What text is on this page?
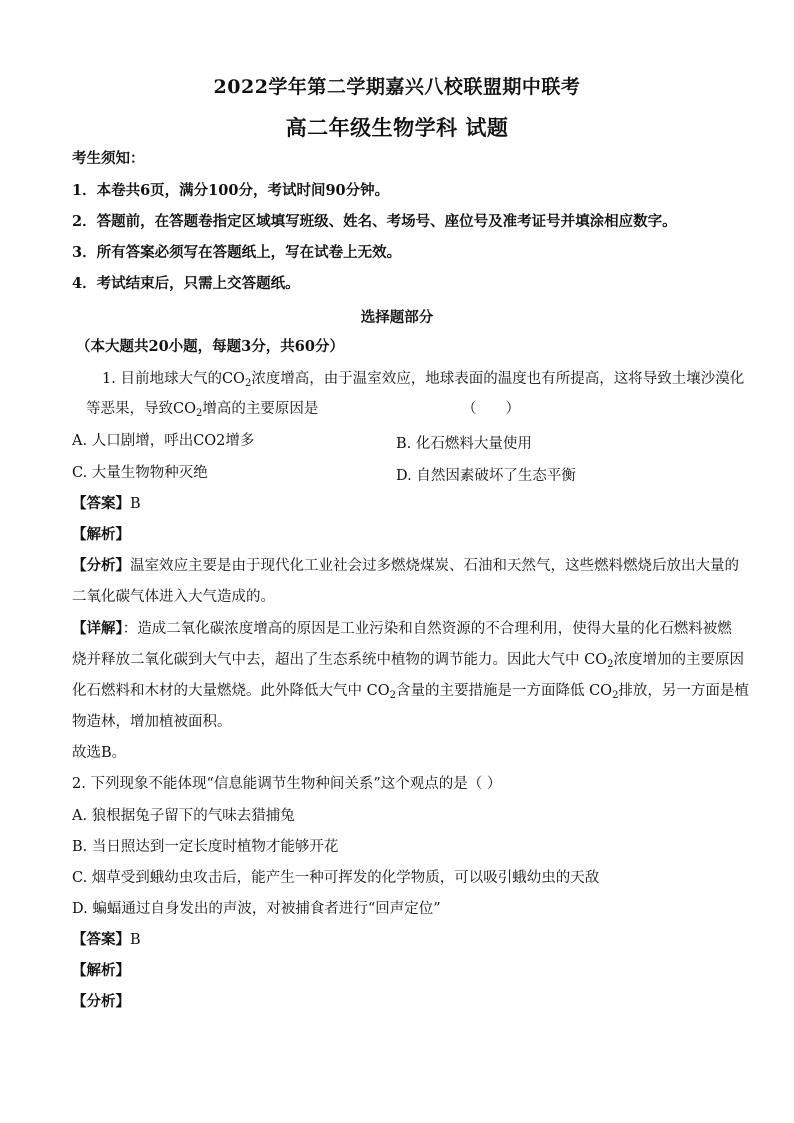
2022学年第二学期嘉兴八校联盟期中联考
高二年级生物学科 试题
考生须知：
1．本卷共6页，满分100分，考试时间90分钟。
2．答题前，在答题卷指定区域填写班级、姓名、考场号、座位号及准考证号并填涂相应数字。
3．所有答案必须写在答题纸上，写在试卷上无效。
4．考试结束后，只需上交答题纸。
选择题部分
（本大题共20小题，每题3分，共60分）
1. 目前地球大气的$CO_2$浓度增高，由于温室效应，地球表面的温度也有所提高，这将导致土壤沙漠化
等恶果，导致$CO_2$增高的主要原因是	（　　）
A. 人口剧增，呼出CO2增多	B. 化石燃料大量使用
C. 大量生物物种灭绝	D. 自然因素破坏了生态平衡
【答案】B
【解析】
【分析】温室效应主要是由于现代化工业社会过多燃烧煤炭、石油和天然气，这些燃料燃烧后放出大量的
二氧化碳气体进入大气造成的。
【详解】：造成二氧化碳浓度增高的原因是工业污染和自然资源的不合理利用，使得大量的化石燃料被燃
烧并释放二氧化碳到大气中去，超出了生态系统中植物的调节能力。因此大气中 $CO_2$浓度增加的主要原因
化石燃料和木材的大量燃烧。此外降低大气中 $CO_2$含量的主要措施是一方面降低 $CO_2$排放，另一方面是植
物造林，增加植被面积。
故选B。
2. 下列现象不能体现“信息能调节生物种间关系”这个观点的是（ ）
A. 狼根据兔子留下的气味去猎捕兔
B. 当日照达到一定长度时植物才能够开花
C. 烟草受到蛾幼虫攻击后，能产生一种可挥发的化学物质，可以吸引蛾幼虫的天敌
D. 蝙蝠通过自身发出的声波，对被捕食者进行“回声定位”
【答案】B
【解析】
【分析】
